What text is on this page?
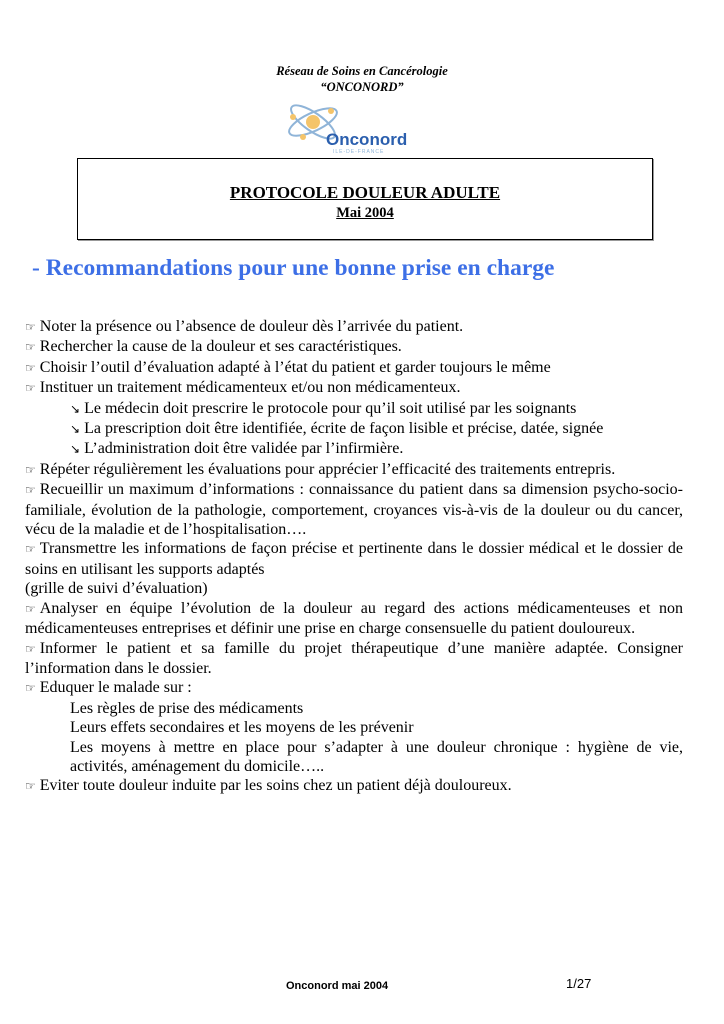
Réseau de Soins en Cancérologie
“ONCONORD”
Onconord
ILE-DE-FRANCE
PROTOCOLE DOULEUR ADULTE
Mai 2004
- Recommandations pour une bonne prise en charge

☞ Noter la présence ou l’absence de douleur dès l’arrivée du patient.

☞ Rechercher la cause de la douleur et ses caractéristiques.

☞ Choisir l’outil d’évaluation adapté à l’état du patient et garder toujours le même

☞ Instituer un traitement médicamenteux et/ou non médicamenteux.

↘ Le médecin doit prescrire le protocole pour qu’il soit utilisé par les soignants

↘ La prescription doit être identifiée, écrite de façon lisible et précise, datée, signée

↘ L’administration doit être validée par l’infirmière.

☞ Répéter régulièrement les évaluations pour apprécier l’efficacité des traitements entrepris.

☞ Recueillir un maximum d’informations : connaissance du patient dans sa dimension psycho-socio-familiale, évolution de la pathologie, comportement, croyances vis-à-vis de la douleur ou du cancer, vécu de la maladie et de l’hospitalisation….

☞ Transmettre les informations de façon précise et pertinente dans le dossier médical et le dossier de soins en utilisant les supports adaptés

(grille de suivi d’évaluation)

☞ Analyser en équipe l’évolution de la douleur au regard des actions médicamenteuses et non médicamenteuses entreprises et définir une prise en charge consensuelle du patient douloureux.

☞ Informer le patient et sa famille du projet thérapeutique d’une manière adaptée. Consigner l’information dans le dossier.

☞ Eduquer le malade sur :

Les règles de prise des médicaments

Leurs effets secondaires et les moyens de les prévenir

Les moyens à mettre en place pour s’adapter à une douleur chronique : hygiène de vie, activités, aménagement du domicile…..

☞ Eviter toute douleur induite par les soins chez un patient déjà douloureux.

Onconord mai 2004	1/27
